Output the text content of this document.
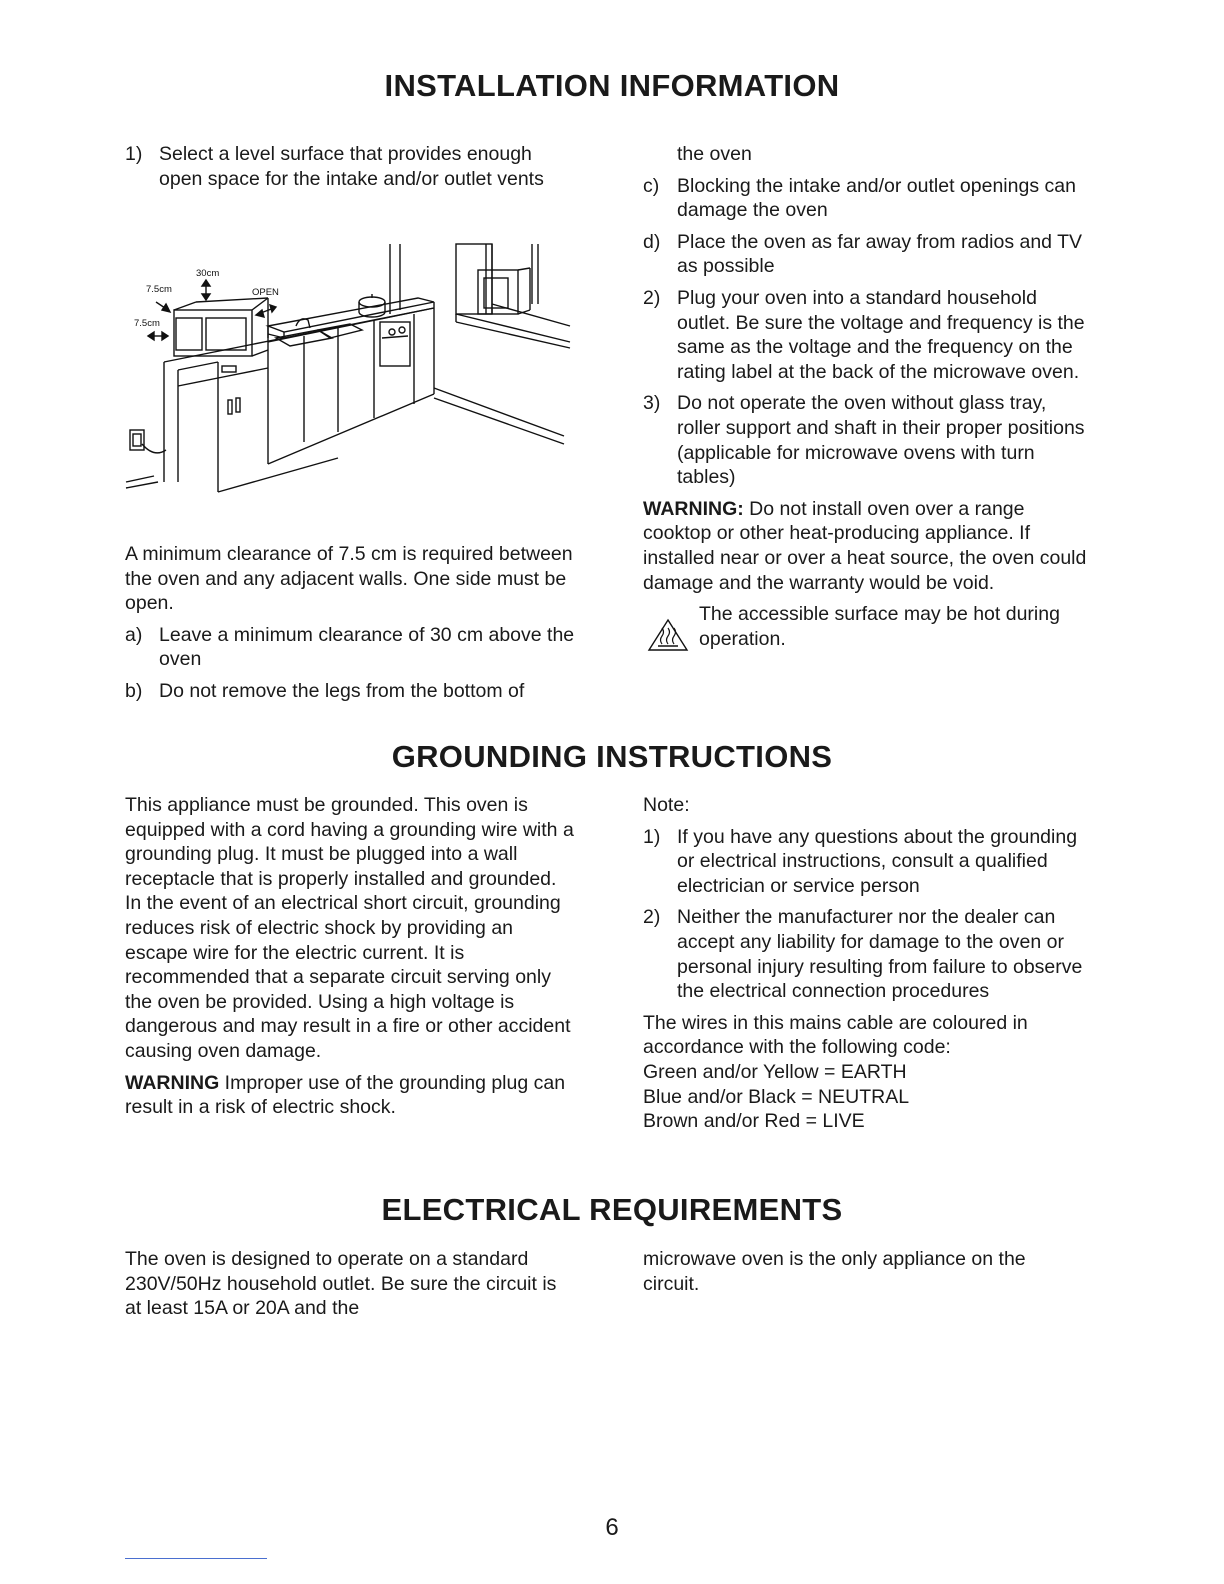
INSTALLATION INFORMATION
1) Select a level surface that provides enough open space for the intake and/or outlet vents

30cm
7.5cm
7.5cm
OPEN

A minimum clearance of 7.5 cm is required between the oven and any adjacent walls. One side must be open.

a) Leave a minimum clearance of 30 cm above the oven

b) Do not remove the legs from the bottom of

the oven

c) Blocking the intake and/or outlet openings can damage the oven

d) Place the oven as far away from radios and TV as possible

2) Plug your oven into a standard household outlet. Be sure the voltage and frequency is the same as the voltage and the frequency on the rating label at the back of the microwave oven.

3) Do not operate the oven without glass tray, roller support and shaft in their proper positions (applicable for microwave ovens with turn tables)

WARNING: Do not install oven over a range cooktop or other heat-producing appliance. If installed near or over a heat source, the oven could damage and the warranty would be void.

The accessible surface may be hot during operation.

GROUNDING INSTRUCTIONS

This appliance must be grounded. This oven is equipped with a cord having a grounding wire with a grounding plug. It must be plugged into a wall receptacle that is properly installed and grounded. In the event of an electrical short circuit, grounding reduces risk of electric shock by providing an escape wire for the electric current. It is recommended that a separate circuit serving only the oven be provided. Using a high voltage is dangerous and may result in a fire or other accident causing oven damage.

WARNING Improper use of the grounding plug can result in a risk of electric shock.

Note:

1) If you have any questions about the grounding or electrical instructions, consult a qualified electrician or service person

2) Neither the manufacturer nor the dealer can accept any liability for damage to the oven or personal injury resulting from failure to observe the electrical connection procedures

The wires in this mains cable are coloured in accordance with the following code:

Green and/or Yellow = EARTH

Blue and/or Black = NEUTRAL

Brown and/or Red = LIVE

ELECTRICAL REQUIREMENTS

The oven is designed to operate on a standard 230V/50Hz household outlet. Be sure the circuit is at least 15A or 20A and the

microwave oven is the only appliance on the circuit.

6
